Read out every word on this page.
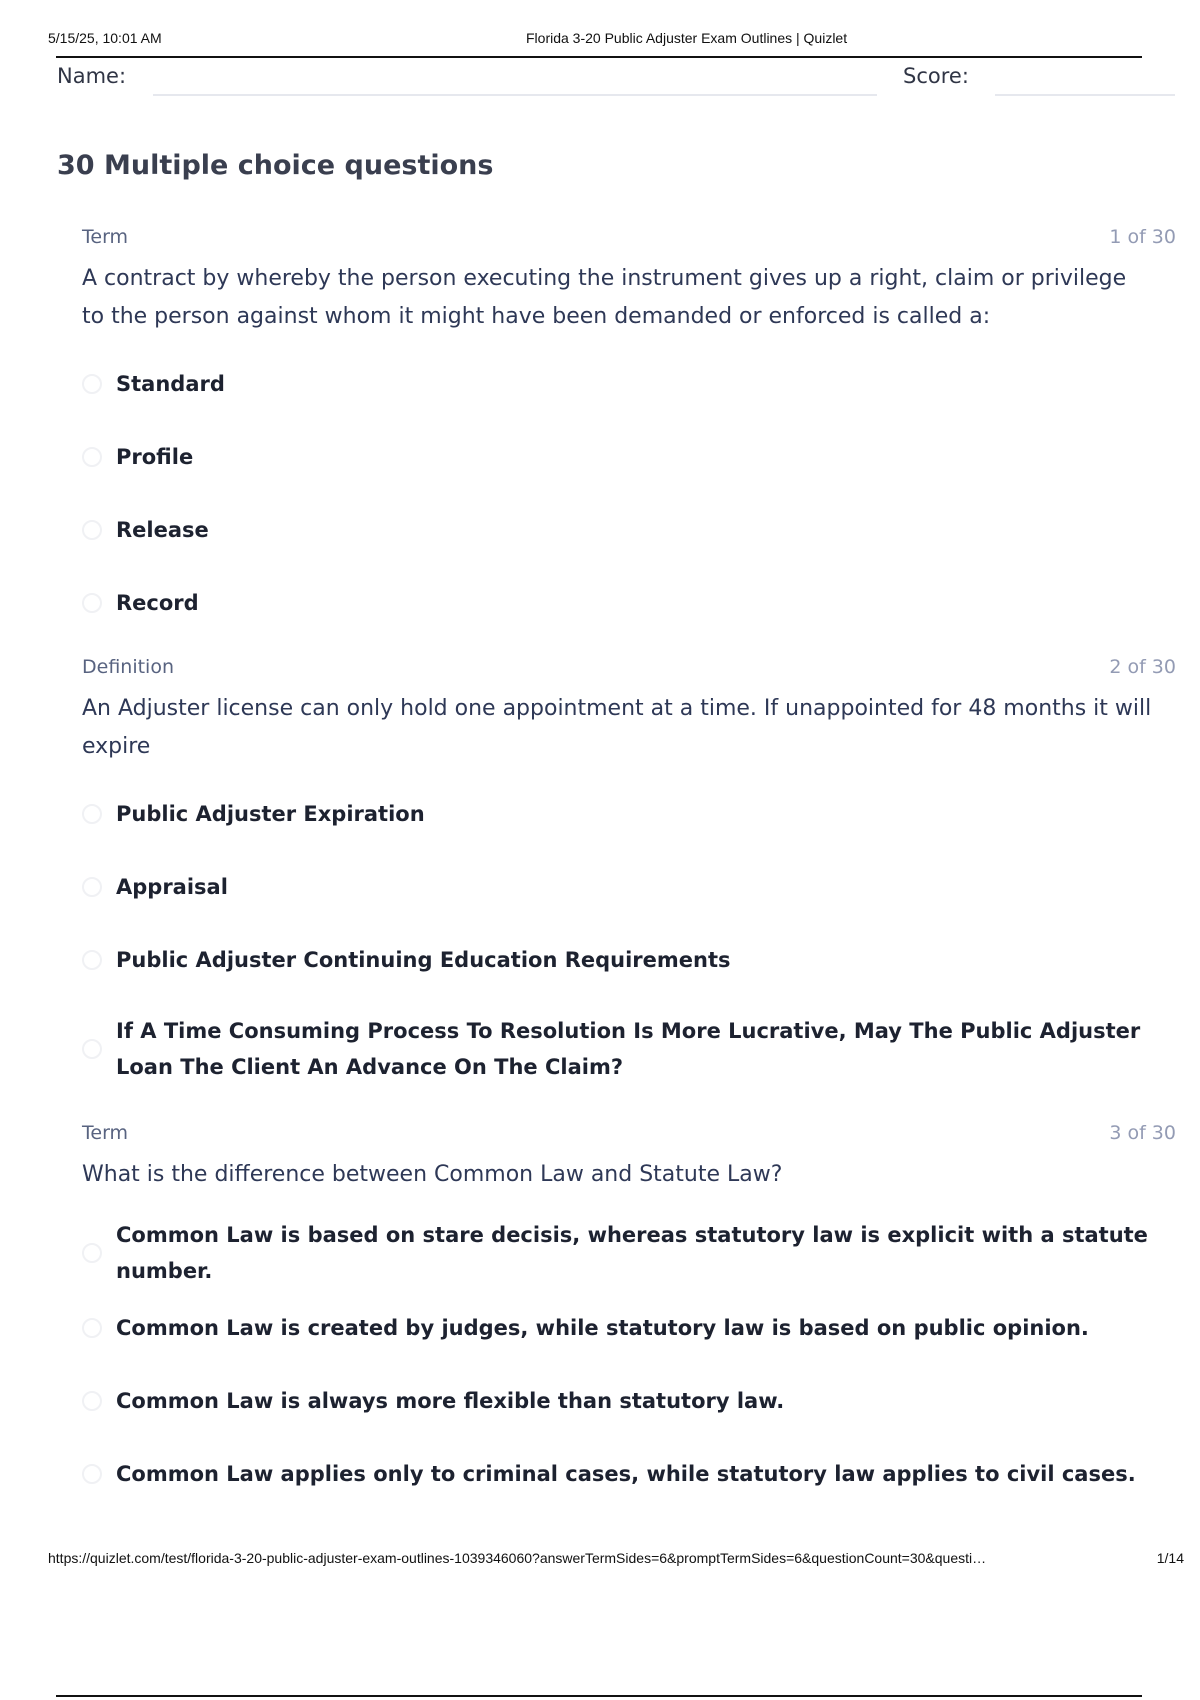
5/15/25, 10:01 AM	Florida 3-20 Public Adjuster Exam Outlines | Quizlet
Name:	Score:
30 Multiple choice questions
Term	1 of 30
A contract by whereby the person executing the instrument gives up a right, claim or privilege to the person against whom it might have been demanded or enforced is called a:
Standard
Profile
Release
Record
Definition	2 of 30
An Adjuster license can only hold one appointment at a time. If unappointed for 48 months it will expire
Public Adjuster Expiration
Appraisal
Public Adjuster Continuing Education Requirements
If A Time Consuming Process To Resolution Is More Lucrative, May The Public Adjuster Loan The Client An Advance On The Claim?
Term	3 of 30
What is the difference between Common Law and Statute Law?
Common Law is based on stare decisis, whereas statutory law is explicit with a statute number.
Common Law is created by judges, while statutory law is based on public opinion.
Common Law is always more flexible than statutory law.
Common Law applies only to criminal cases, while statutory law applies to civil cases.
https://quizlet.com/test/florida-3-20-public-adjuster-exam-outlines-1039346060?answerTermSides=6&promptTermSides=6&questionCount=30&questi…	1/14
